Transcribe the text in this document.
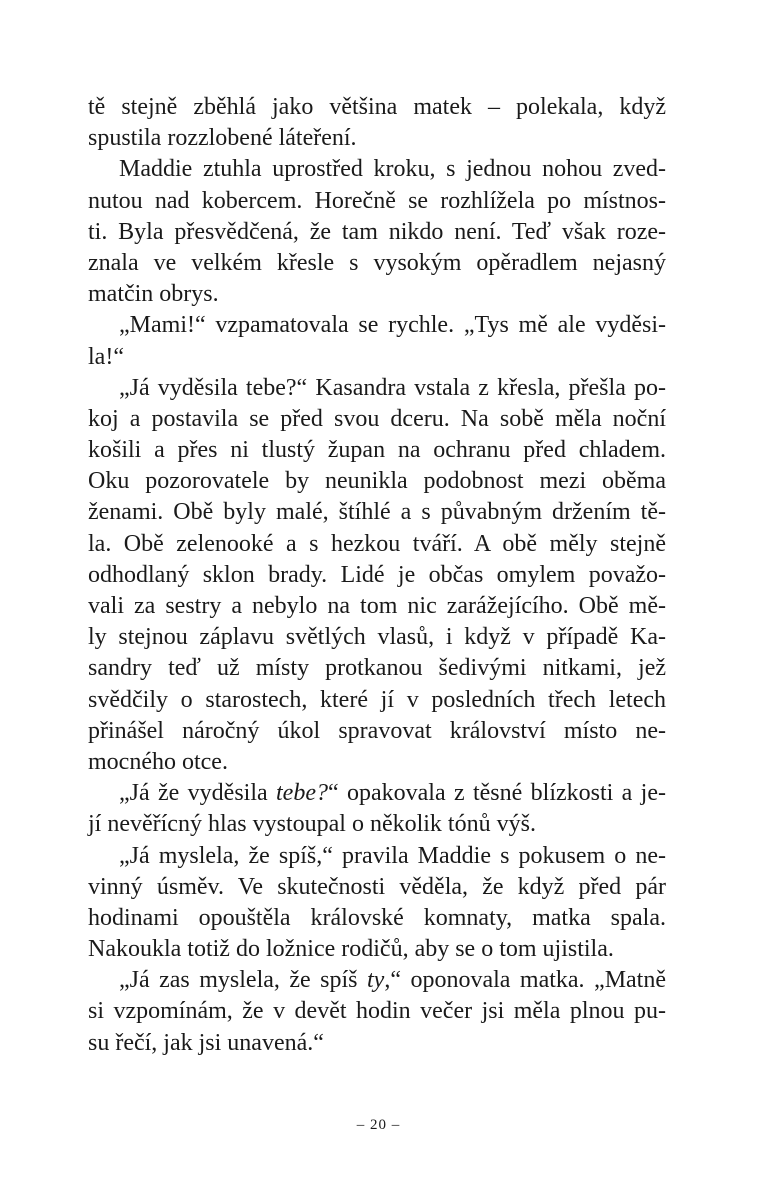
tě stejně zběhlá jako většina matek – polekala, když
spustila rozzlobené láteření.
Maddie ztuhla uprostřed kroku, s jednou nohou zved-
nutou nad kobercem. Horečně se rozhlížela po místnos-
ti. Byla přesvědčená, že tam nikdo není. Teď však roze-
znala ve velkém křesle s vysokým opěradlem nejasný
matčin obrys.
„Mami!“ vzpamatovala se rychle. „Tys mě ale vyděsi-
la!“
„Já vyděsila tebe?“ Kasandra vstala z křesla, přešla po-
koj a postavila se před svou dceru. Na sobě měla noční
košili a přes ni tlustý župan na ochranu před chladem.
Oku pozorovatele by neunikla podobnost mezi oběma
ženami. Obě byly malé, štíhlé a s půvabným držením tě-
la. Obě zelenooké a s hezkou tváří. A obě měly stejně
odhodlaný sklon brady. Lidé je občas omylem považo-
vali za sestry a nebylo na tom nic zarážejícího. Obě mě-
ly stejnou záplavu světlých vlasů, i když v případě Ka-
sandry teď už místy protkanou šedivými nitkami, jež
svědčily o starostech, které jí v posledních třech letech
přinášel náročný úkol spravovat království místo ne-
mocného otce.
„Já že vyděsila tebe?“ opakovala z těsné blízkosti a je-
jí nevěřícný hlas vystoupal o několik tónů výš.
„Já myslela, že spíš,“ pravila Maddie s pokusem o ne-
vinný úsměv. Ve skutečnosti věděla, že když před pár
hodinami opouštěla královské komnaty, matka spala.
Nakoukla totiž do ložnice rodičů, aby se o tom ujistila.
„Já zas myslela, že spíš ty,“ oponovala matka. „Matně
si vzpomínám, že v devět hodin večer jsi měla plnou pu-
su řečí, jak jsi unavená.“
– 20 –
